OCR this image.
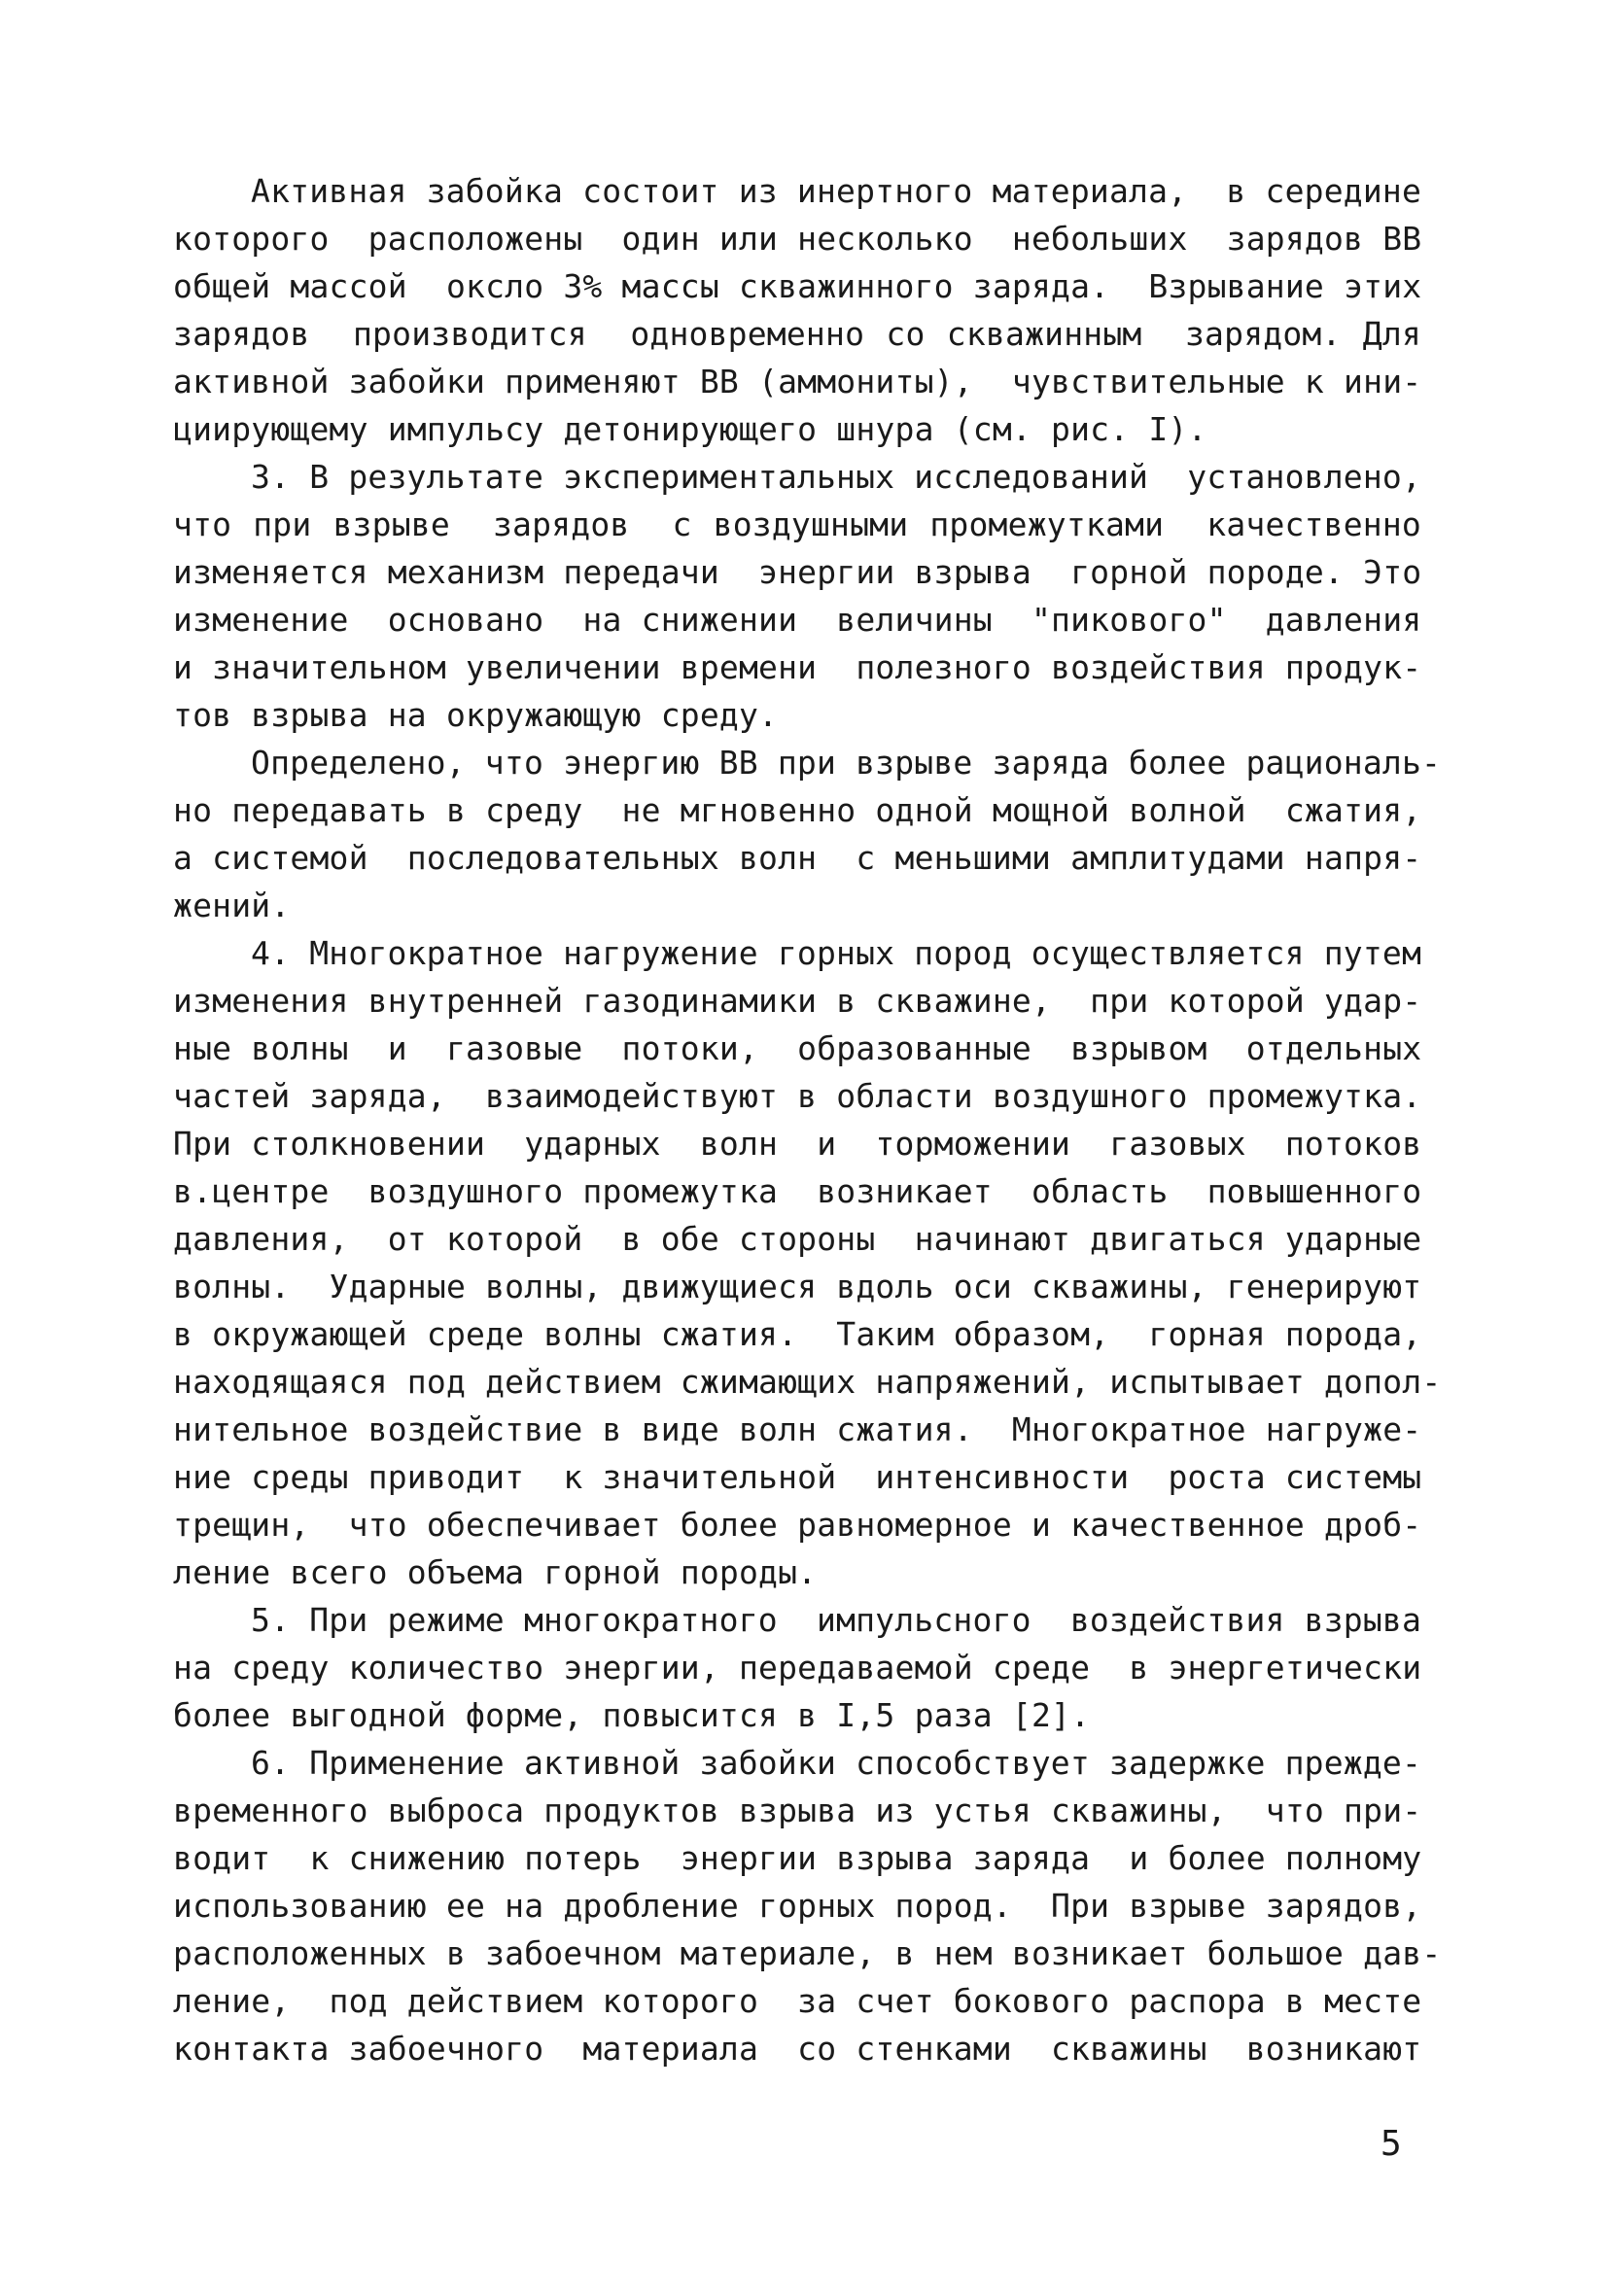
Активная забойка состоит из инертного материала,  в середине
которого  расположены  один или несколько  небольших  зарядов ВВ
общей массой  оксло 3% массы скважинного заряда.  Взрывание этих
зарядов  производится  одновременно со скважинным  зарядом. Для
активной забойки применяют ВВ (аммониты),  чувствительные к ини-
циирующему импульсу детонирующего шнура (см. рис. I).
3. В результате экспериментальных исследований  установлено,
что при взрыве  зарядов  с воздушными промежутками  качественно
изменяется механизм передачи  энергии взрыва  горной породе. Это
изменение  основано  на снижении  величины  "пикового"  давления
и значительном увеличении времени  полезного воздействия продук-
тов взрыва на окружающую среду.
Определено, что энергию ВВ при взрыве заряда более рациональ-
но передавать в среду  не мгновенно одной мощной волной  сжатия,
а системой  последовательных волн  с меньшими амплитудами напря-
жений.
4. Многократное нагружение горных пород осуществляется путем
изменения внутренней газодинамики в скважине,  при которой удар-
ные волны  и  газовые  потоки,  образованные  взрывом  отдельных
частей заряда,  взаимодействуют в области воздушного промежутка.
При столкновении  ударных  волн  и  торможении  газовых  потоков
в.центре  воздушного промежутка  возникает  область  повышенного
давления,  от которой  в обе стороны  начинают двигаться ударные
волны.  Ударные волны, движущиеся вдоль оси скважины, генерируют
в окружающей среде волны сжатия.  Таким образом,  горная порода,
находящаяся под действием сжимающих напряжений, испытывает допол-
нительное воздействие в виде волн сжатия.  Многократное нагруже-
ние среды приводит  к значительной  интенсивности  роста системы
трещин,  что обеспечивает более равномерное и качественное дроб-
ление всего объема горной породы.
5. При режиме многократного  импульсного  воздействия взрыва
на среду количество энергии, передаваемой среде  в энергетически
более выгодной форме, повысится в I,5 раза [2].
6. Применение активной забойки способствует задержке прежде-
временного выброса продуктов взрыва из устья скважины,  что при-
водит  к снижению потерь  энергии взрыва заряда  и более полному
использованию ее на дробление горных пород.  При взрыве зарядов,
расположенных в забоечном материале, в нем возникает большое дав-
ление,  под действием которого  за счет бокового распора в месте
контакта забоечного  материала  со стенками  скважины  возникают
5
